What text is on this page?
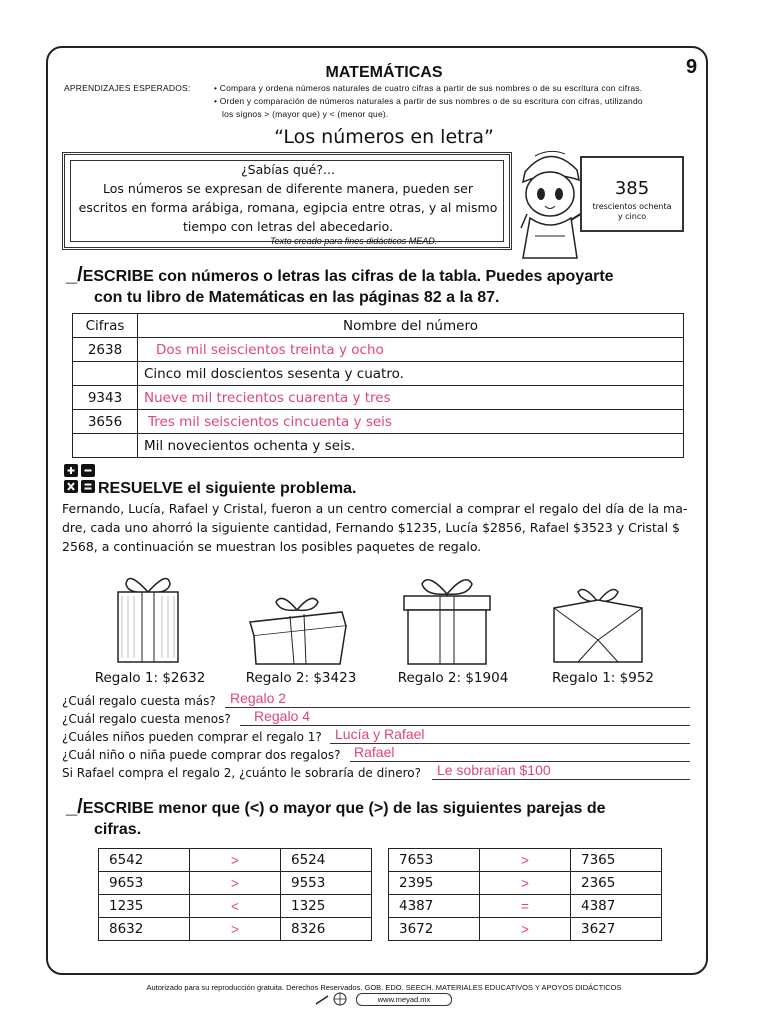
9
MATEMÁTICAS
APRENDIZAJES ESPERADOS:	• Compara y ordena números naturales de cuatro cifras a partir de sus nombres o de su escritura con cifras.
• Orden y comparación de números naturales a partir de sus nombres o de su escritura con cifras, utilizando
los signos > (mayor que) y < (menor que).
“Los números en letra”
¿Sabías qué?...
Los números se expresan de diferente manera, pueden ser
escritos en forma arábiga, romana, egipcia entre otras, y al mismo
tiempo con letras del abecedario.
Texto creado para fines didácticos MEAD.
385
trescientos ochenta
y cinco
_/ESCRIBE con números o letras las cifras de la tabla. Puedes apoyarte
con tu libro de Matemáticas en las páginas 82 a la 87.
Cifras	Nombre del número
2638	Dos mil seiscientos treinta y ocho
	Cinco mil doscientos sesenta y cuatro.
9343	Nueve mil trecientos cuarenta y tres
3656	Tres mil seiscientos cincuenta y seis
	Mil novecientos ochenta y seis.
RESUELVE el siguiente problema.
Fernando, Lucía, Rafael y Cristal, fueron a un centro comercial a comprar el regalo del día de la ma-
dre, cada uno ahorró la siguiente cantidad, Fernando $1235, Lucía $2856, Rafael $3523 y Cristal $
2568, a continuación se muestran los posibles paquetes de regalo.
Regalo 1: $2632	Regalo 2: $3423	Regalo 2: $1904	Regalo 1: $952
¿Cuál regalo cuesta más? Regalo 2
¿Cuál regalo cuesta menos? Regalo 4
¿Cuáles niños pueden comprar el regalo 1? Lucía y Rafael
¿Cuál niño o niña puede comprar dos regalos? Rafael
Si Rafael compra el regalo 2, ¿cuánto le sobraría de dinero? Le sobrarían $100
_/ESCRIBE menor que (<) o mayor que (>) de las siguientes parejas de
cifras.
6542	>	6524
9653	>	9553
1235	<	1325
8632	>	8326
7653	>	7365
2395	>	2365
4387	=	4387
3672	>	3627
Autorizado para su reproducción gratuita. Derechos Reservados. GOB. EDO. SEECH. MATERIALES EDUCATIVOS Y APOYOS DIDÁCTICOS
www.meyad.mx
